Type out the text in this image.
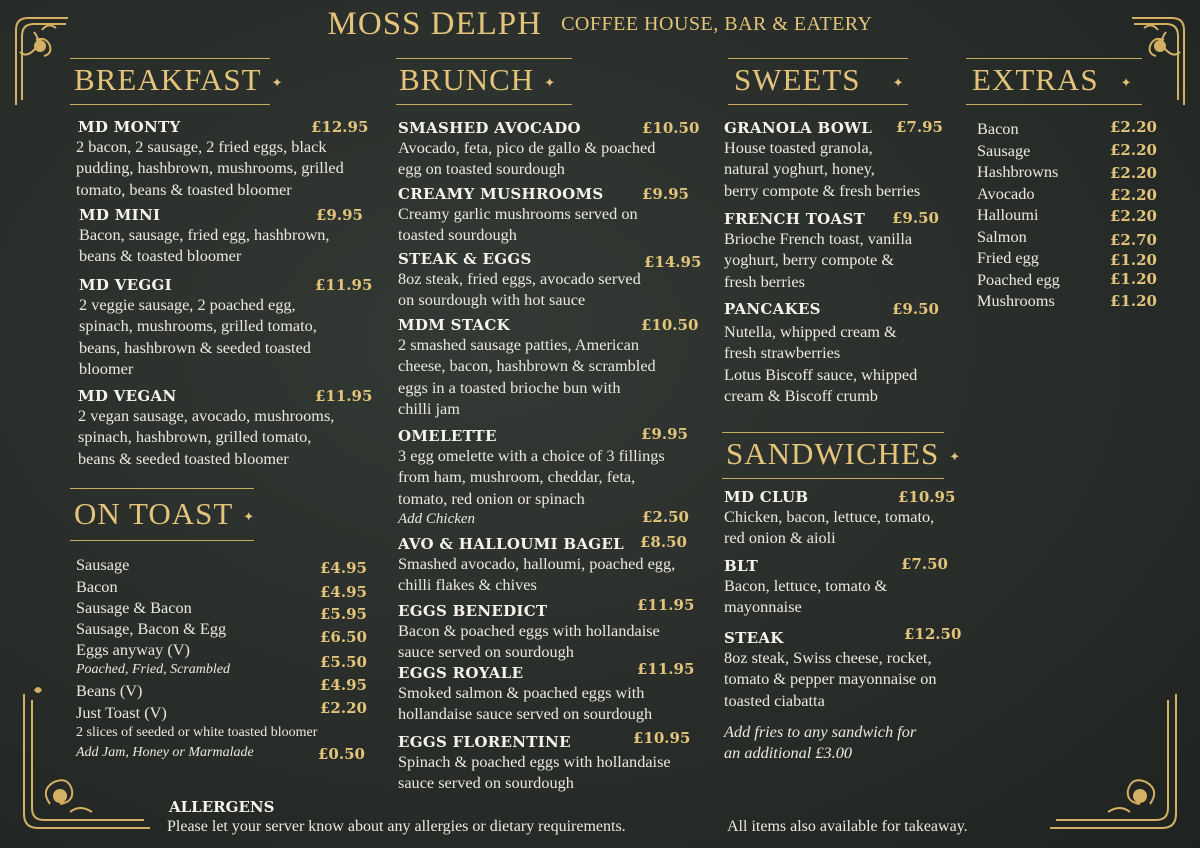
MOSS DELPH COFFEE HOUSE, BAR & EATERY
BREAKFAST ✦
MD MONTY	£12.95
2 bacon, 2 sausage, 2 fried eggs, black
pudding, hashbrown, mushrooms, grilled
tomato, beans & toasted bloomer
MD MINI	£9.95
Bacon, sausage, fried egg, hashbrown,
beans & toasted bloomer
MD VEGGI	£11.95
2 veggie sausage, 2 poached egg,
spinach, mushrooms, grilled tomato,
beans, hashbrown & seeded toasted
bloomer
MD VEGAN	£11.95
2 vegan sausage, avocado, mushrooms,
spinach, hashbrown, grilled tomato,
beans & seeded toasted bloomer
ON TOAST ✦
Sausage	£4.95
Bacon	£4.95
Sausage & Bacon	£5.95
Sausage, Bacon & Egg	£6.50
Eggs anyway (V)
Poached, Fried, Scrambled	£5.50
Beans (V)	£4.95
Just Toast (V)	£2.20
2 slices of seeded or white toasted bloomer
Add Jam, Honey or Marmalade	£0.50
BRUNCH ✦
SMASHED AVOCADO	£10.50
Avocado, feta, pico de gallo & poached
egg on toasted sourdough
CREAMY MUSHROOMS	£9.95
Creamy garlic mushrooms served on
toasted sourdough
STEAK & EGGS	£14.95
8oz steak, fried eggs, avocado served
on sourdough with hot sauce
MDM STACK	£10.50
2 smashed sausage patties, American
cheese, bacon, hashbrown & scrambled
eggs in a toasted brioche bun with
chilli jam
OMELETTE	£9.95
3 egg omelette with a choice of 3 fillings
from ham, mushroom, cheddar, feta,
tomato, red onion or spinach
Add Chicken	£2.50
AVO & HALLOUMI BAGEL	£8.50
Smashed avocado, halloumi, poached egg,
chilli flakes & chives
EGGS BENEDICT	£11.95
Bacon & poached eggs with hollandaise
sauce served on sourdough
EGGS ROYALE	£11.95
Smoked salmon & poached eggs with
hollandaise sauce served on sourdough
EGGS FLORENTINE	£10.95
Spinach & poached eggs with hollandaise
sauce served on sourdough
SWEETS ✦
GRANOLA BOWL	£7.95
House toasted granola,
natural yoghurt, honey,
berry compote & fresh berries
FRENCH TOAST	£9.50
Brioche French toast, vanilla
yoghurt, berry compote &
fresh berries
PANCAKES	£9.50
Nutella, whipped cream &
fresh strawberries
Lotus Biscoff sauce, whipped
cream & Biscoff crumb
SANDWICHES ✦
MD CLUB	£10.95
Chicken, bacon, lettuce, tomato,
red onion & aioli
BLT	£7.50
Bacon, lettuce, tomato &
mayonnaise
STEAK	£12.50
8oz steak, Swiss cheese, rocket,
tomato & pepper mayonnaise on
toasted ciabatta
Add fries to any sandwich for
an additional £3.00
EXTRAS ✦
Bacon	£2.20
Sausage	£2.20
Hashbrowns	£2.20
Avocado	£2.20
Halloumi	£2.20
Salmon	£2.70
Fried egg	£1.20
Poached egg	£1.20
Mushrooms	£1.20
ALLERGENS
Please let your server know about any allergies or dietary requirements.	All items also available for takeaway.
